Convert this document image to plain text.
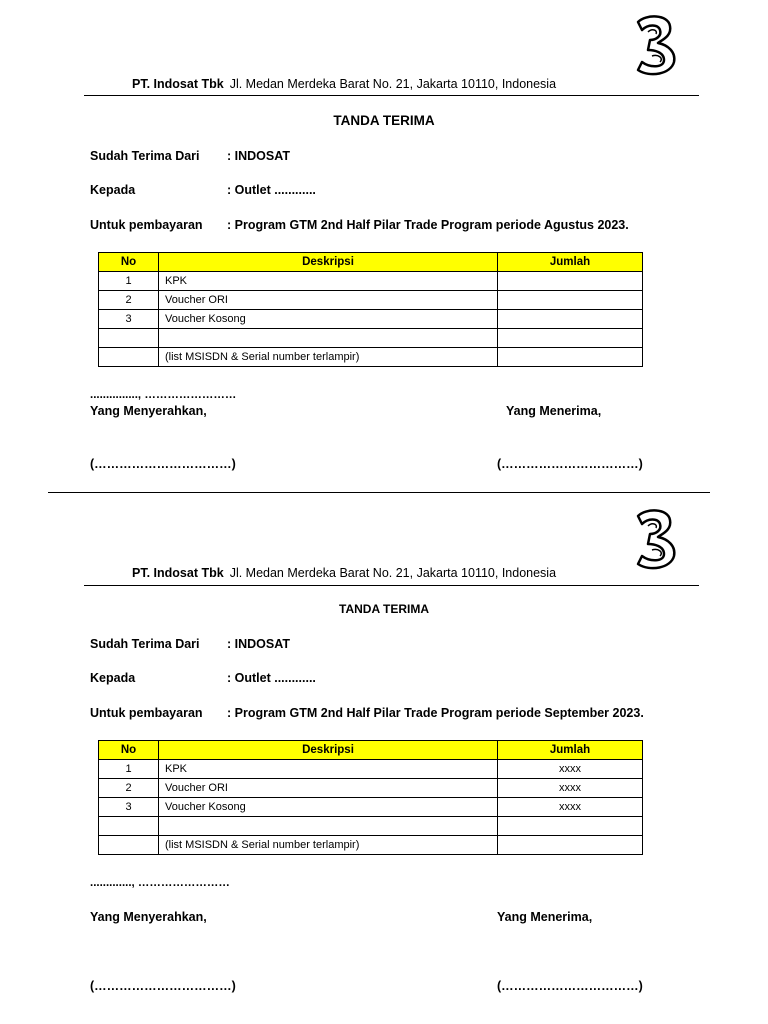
PT. Indosat Tbk Jl. Medan Merdeka Barat No. 21, Jakarta 10110, Indonesia
TANDA TERIMA
Sudah Terima Dari : INDOSAT
Kepada	: Outlet ............
Untuk pembayaran : Program GTM 2nd Half Pilar Trade Program periode Agustus 2023.
No	Deskripsi	Jumlah
1	KPK	
2	Voucher ORI	
3	Voucher Kosong	

	(list MSISDN & Serial number terlampir)	
..............., ……………………
Yang Menyerahkan,	Yang Menerima,
(……………………………)	(……………………………)
PT. Indosat Tbk Jl. Medan Merdeka Barat No. 21, Jakarta 10110, Indonesia
TANDA TERIMA
Sudah Terima Dari : INDOSAT
Kepada	: Outlet ............
Untuk pembayaran : Program GTM 2nd Half Pilar Trade Program periode September 2023.
No	Deskripsi	Jumlah
1	KPK	xxxx
2	Voucher ORI	xxxx
3	Voucher Kosong	xxxx

	(list MSISDN & Serial number terlampir)	
............., ……………………
Yang Menyerahkan,	Yang Menerima,
(……………………………)	(……………………………)
